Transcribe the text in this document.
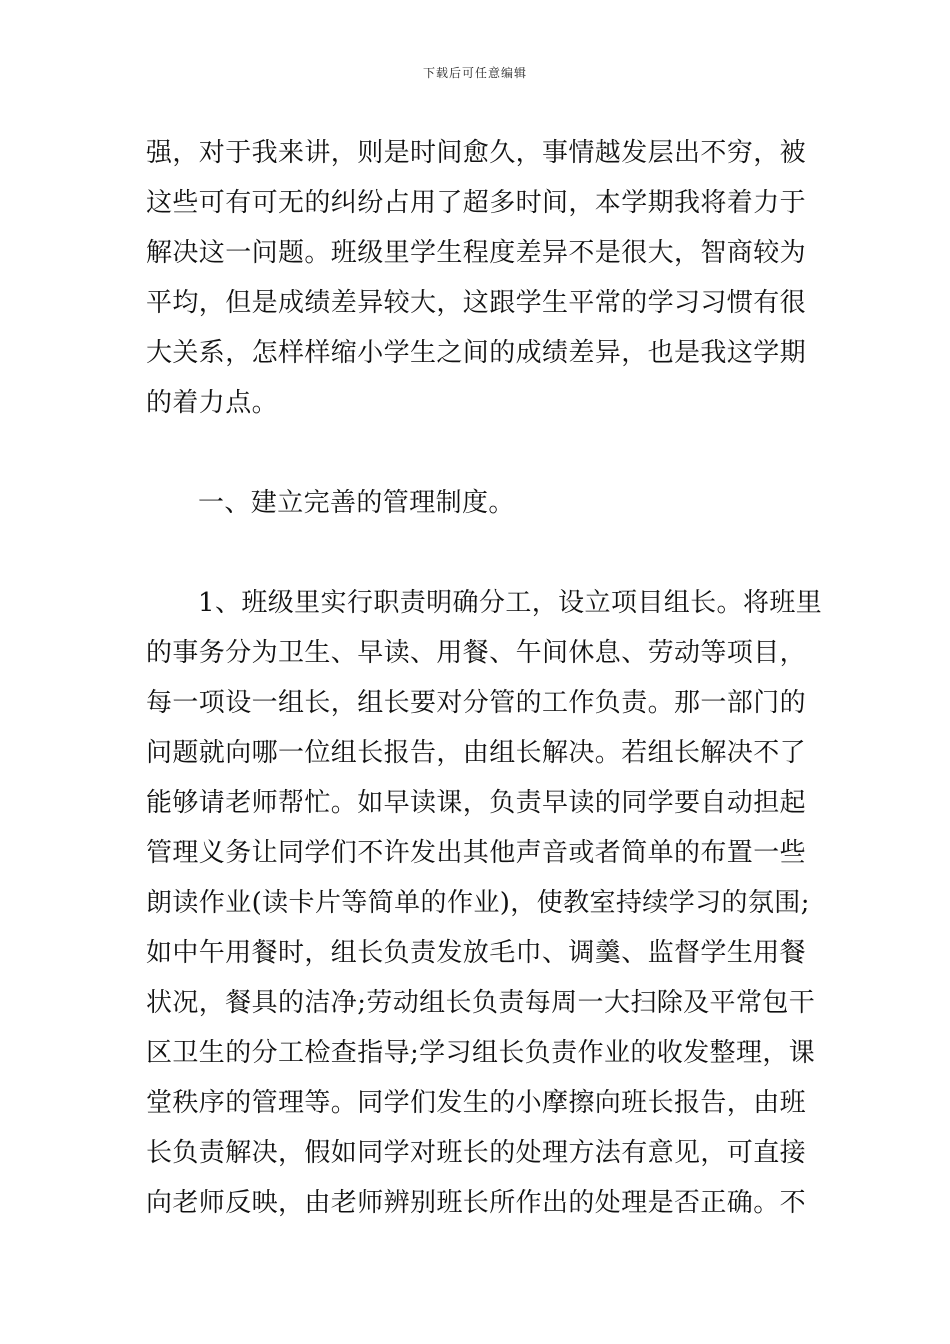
下载后可任意编辑
强，对于我来讲，则是时间愈久，事情越发层出不穷，被
这些可有可无的纠纷占用了超多时间，本学期我将着力于
解决这一问题。班级里学生程度差异不是很大，智商较为
平均，但是成绩差异较大，这跟学生平常的学习习惯有很
大关系，怎样样缩小学生之间的成绩差异，也是我这学期
的着力点。
一、建立完善的管理制度。
1、班级里实行职责明确分工，设立项目组长。将班里
的事务分为卫生、早读、用餐、午间休息、劳动等项目，
每一项设一组长，组长要对分管的工作负责。那一部门的
问题就向哪一位组长报告，由组长解决。若组长解决不了
能够请老师帮忙。如早读课，负责早读的同学要自动担起
管理义务让同学们不许发出其他声音或者简单的布置一些
朗读作业(读卡片等简单的作业)，使教室持续学习的氛围;
如中午用餐时，组长负责发放毛巾、调羹、监督学生用餐
状况，餐具的洁净;劳动组长负责每周一大扫除及平常包干
区卫生的分工检查指导;学习组长负责作业的收发整理，课
堂秩序的管理等。同学们发生的小摩擦向班长报告，由班
长负责解决，假如同学对班长的处理方法有意见，可直接
向老师反映，由老师辨别班长所作出的处理是否正确。不
